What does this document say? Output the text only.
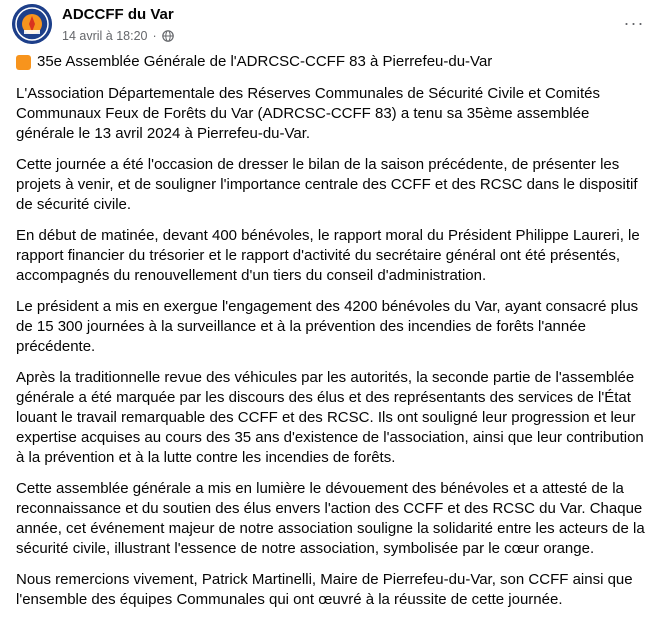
ADCCFF du Var
14 avril à 18:20 ·
···
35e Assemblée Générale de l'ADRCSC-CCFF 83 à Pierrefeu-du-Var

L'Association Départementale des Réserves Communales de Sécurité Civile et Comités Communaux Feux de Forêts du Var (ADRCSC-CCFF 83) a tenu sa 35ème assemblée générale le 13 avril 2024 à Pierrefeu-du-Var.

Cette journée a été l'occasion de dresser le bilan de la saison précédente, de présenter les projets à venir, et de souligner l'importance centrale des CCFF et des RCSC dans le dispositif de sécurité civile.

En début de matinée, devant 400 bénévoles, le rapport moral du Président Philippe Laureri, le rapport financier du trésorier et le rapport d'activité du secrétaire général ont été présentés, accompagnés du renouvellement d'un tiers du conseil d'administration.

Le président a mis en exergue l'engagement des 4200 bénévoles du Var, ayant consacré plus de 15 300 journées à la surveillance et à la prévention des incendies de forêts l'année précédente.

Après la traditionnelle revue des véhicules par les autorités, la seconde partie de l'assemblée générale a été marquée par les discours des élus et des représentants des services de l'État louant le travail remarquable des CCFF et des RCSC. Ils ont souligné leur progression et leur expertise acquises au cours des 35 ans d'existence de l'association, ainsi que leur contribution à la prévention et à la lutte contre les incendies de forêts.

Cette assemblée générale a mis en lumière le dévouement des bénévoles et a attesté de la reconnaissance et du soutien des élus envers l'action des CCFF et des RCSC du Var. Chaque année, cet événement majeur de notre association souligne la solidarité entre les acteurs de la sécurité civile, illustrant l'essence de notre association, symbolisée par le cœur orange.

Nous remercions vivement, Patrick Martinelli, Maire de Pierrefeu-du-Var, son CCFF ainsi que l'ensemble des équipes Communales qui ont œuvré à la réussite de cette journée.
